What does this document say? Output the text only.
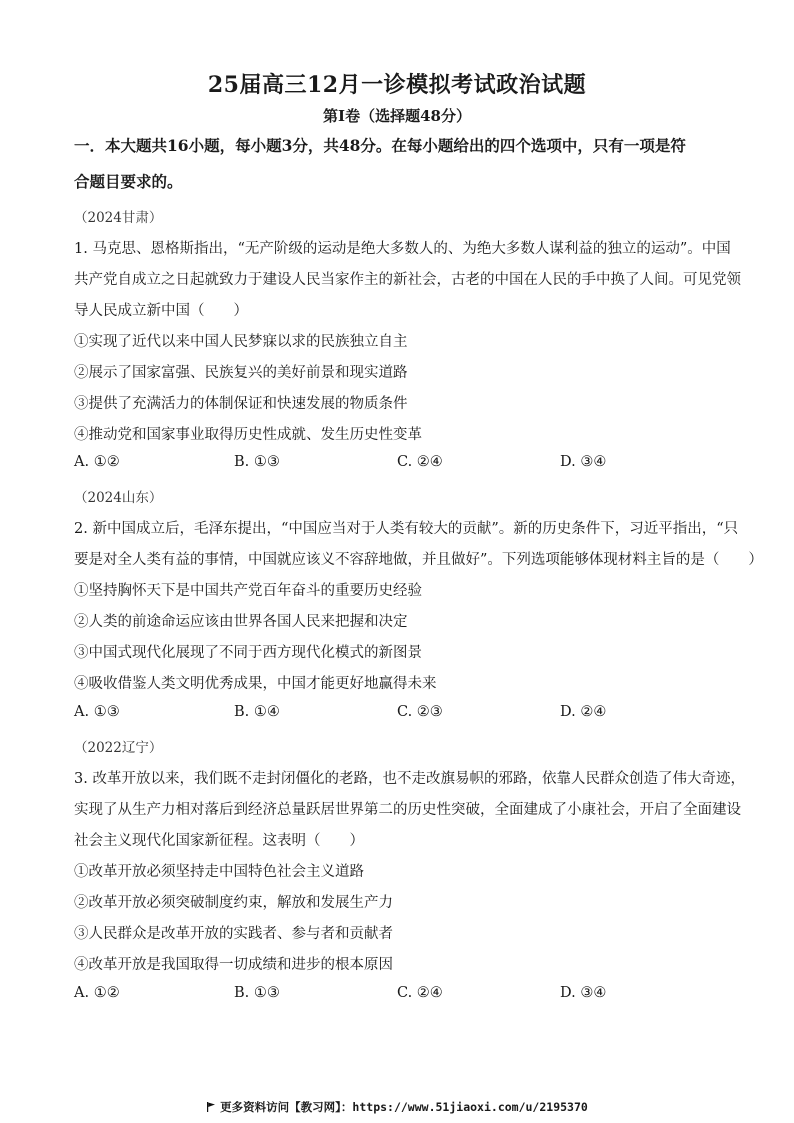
25届高三12月一诊模拟考试政治试题
第Ⅰ卷（选择题48分）
一．本大题共16小题，每小题3分，共48分。在每小题给出的四个选项中，只有一项是符
合题目要求的。
（2024甘肃）
1. 马克思、恩格斯指出，“无产阶级的运动是绝大多数人的、为绝大多数人谋利益的独立的运动”。中国
共产党自成立之日起就致力于建设人民当家作主的新社会，古老的中国在人民的手中换了人间。可见党领
导人民成立新中国（　　）
①实现了近代以来中国人民梦寐以求的民族独立自主
②展示了国家富强、民族复兴的美好前景和现实道路
③提供了充满活力的体制保证和快速发展的物质条件
④推动党和国家事业取得历史性成就、发生历史性变革
A. ①②	B. ①③	C. ②④	D. ③④
（2024山东）
2. 新中国成立后，毛泽东提出，“中国应当对于人类有较大的贡献”。新的历史条件下，习近平指出，“只
要是对全人类有益的事情，中国就应该义不容辞地做，并且做好”。下列选项能够体现材料主旨的是（　　）
①坚持胸怀天下是中国共产党百年奋斗的重要历史经验
②人类的前途命运应该由世界各国人民来把握和决定
③中国式现代化展现了不同于西方现代化模式的新图景
④吸收借鉴人类文明优秀成果，中国才能更好地赢得未来
A. ①③	B. ①④	C. ②③	D. ②④
（2022辽宁）
3. 改革开放以来，我们既不走封闭僵化的老路，也不走改旗易帜的邪路，依靠人民群众创造了伟大奇迹，
实现了从生产力相对落后到经济总量跃居世界第二的历史性突破，全面建成了小康社会，开启了全面建设
社会主义现代化国家新征程。这表明（　　）
①改革开放必须坚持走中国特色社会主义道路
②改革开放必须突破制度约束，解放和发展生产力
③人民群众是改革开放的实践者、参与者和贡献者
④改革开放是我国取得一切成绩和进步的根本原因
A. ①②	B. ①③	C. ②④	D. ③④
更多资料访问【教习网】：https://www.51jiaoxi.com/u/2195370
